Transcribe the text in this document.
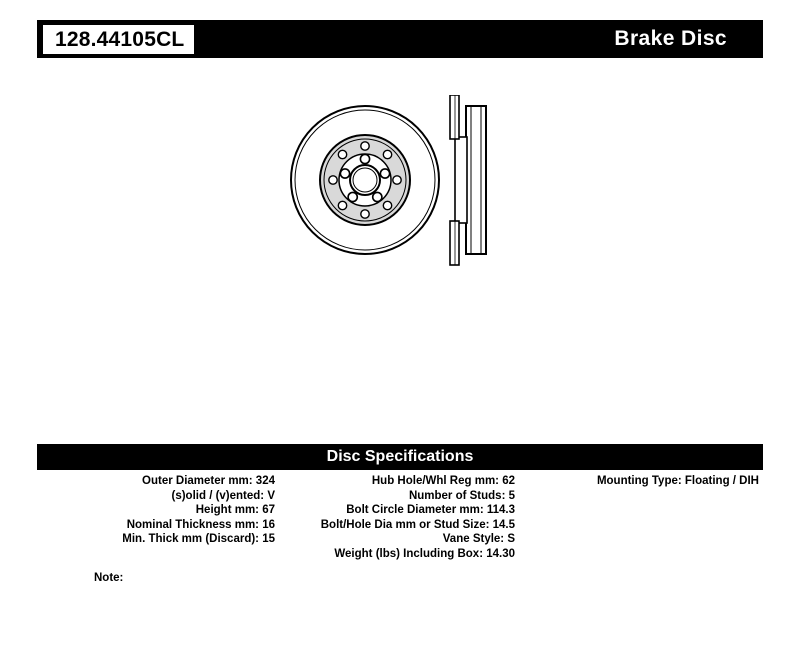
128.44105CL	Brake Disc
Disc Specifications
Outer Diameter mm: 324
(s)olid / (v)ented: V
Height mm: 67
Nominal Thickness mm: 16
Min. Thick mm (Discard): 15
Hub Hole/Whl Reg mm: 62
Number of Studs: 5
Bolt Circle Diameter mm: 114.3
Bolt/Hole Dia mm or Stud Size: 14.5
Vane Style: S
Weight (lbs) Including Box: 14.30
Mounting Type: Floating / DIH
Note:
